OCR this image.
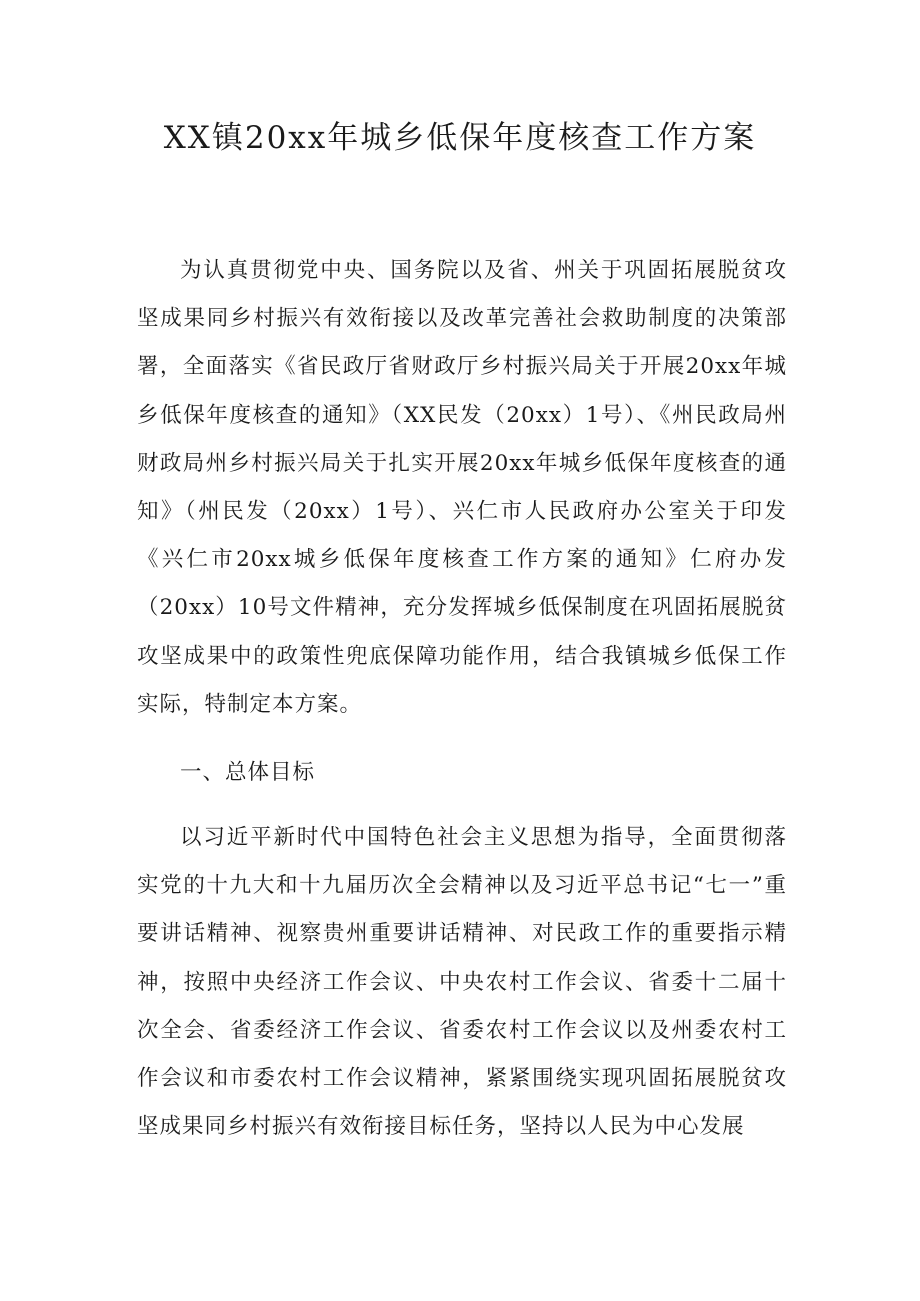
XX镇20xx年城乡低保年度核查工作方案

为认真贯彻党中央、国务院以及省、州关于巩固拓展脱贫攻坚成果同乡村振兴有效衔接以及改革完善社会救助制度的决策部署，全面落实《省民政厅省财政厅乡村振兴局关于开展20xx年城乡低保年度核查的通知》（XX民发（20xx）1号）、《州民政局州财政局州乡村振兴局关于扎实开展20xx年城乡低保年度核查的通知》（州民发（20xx）1号）、兴仁市人民政府办公室关于印发《兴仁市20xx城乡低保年度核查工作方案的通知》仁府办发（20xx）10号文件精神，充分发挥城乡低保制度在巩固拓展脱贫攻坚成果中的政策性兜底保障功能作用，结合我镇城乡低保工作实际，特制定本方案。

一、总体目标

以习近平新时代中国特色社会主义思想为指导，全面贯彻落实党的十九大和十九届历次全会精神以及习近平总书记“七一”重要讲话精神、视察贵州重要讲话精神、对民政工作的重要指示精神，按照中央经济工作会议、中央农村工作会议、省委十二届十次全会、省委经济工作会议、省委农村工作会议以及州委农村工作会议和市委农村工作会议精神，紧紧围绕实现巩固拓展脱贫攻坚成果同乡村振兴有效衔接目标任务，坚持以人民为中心发展
